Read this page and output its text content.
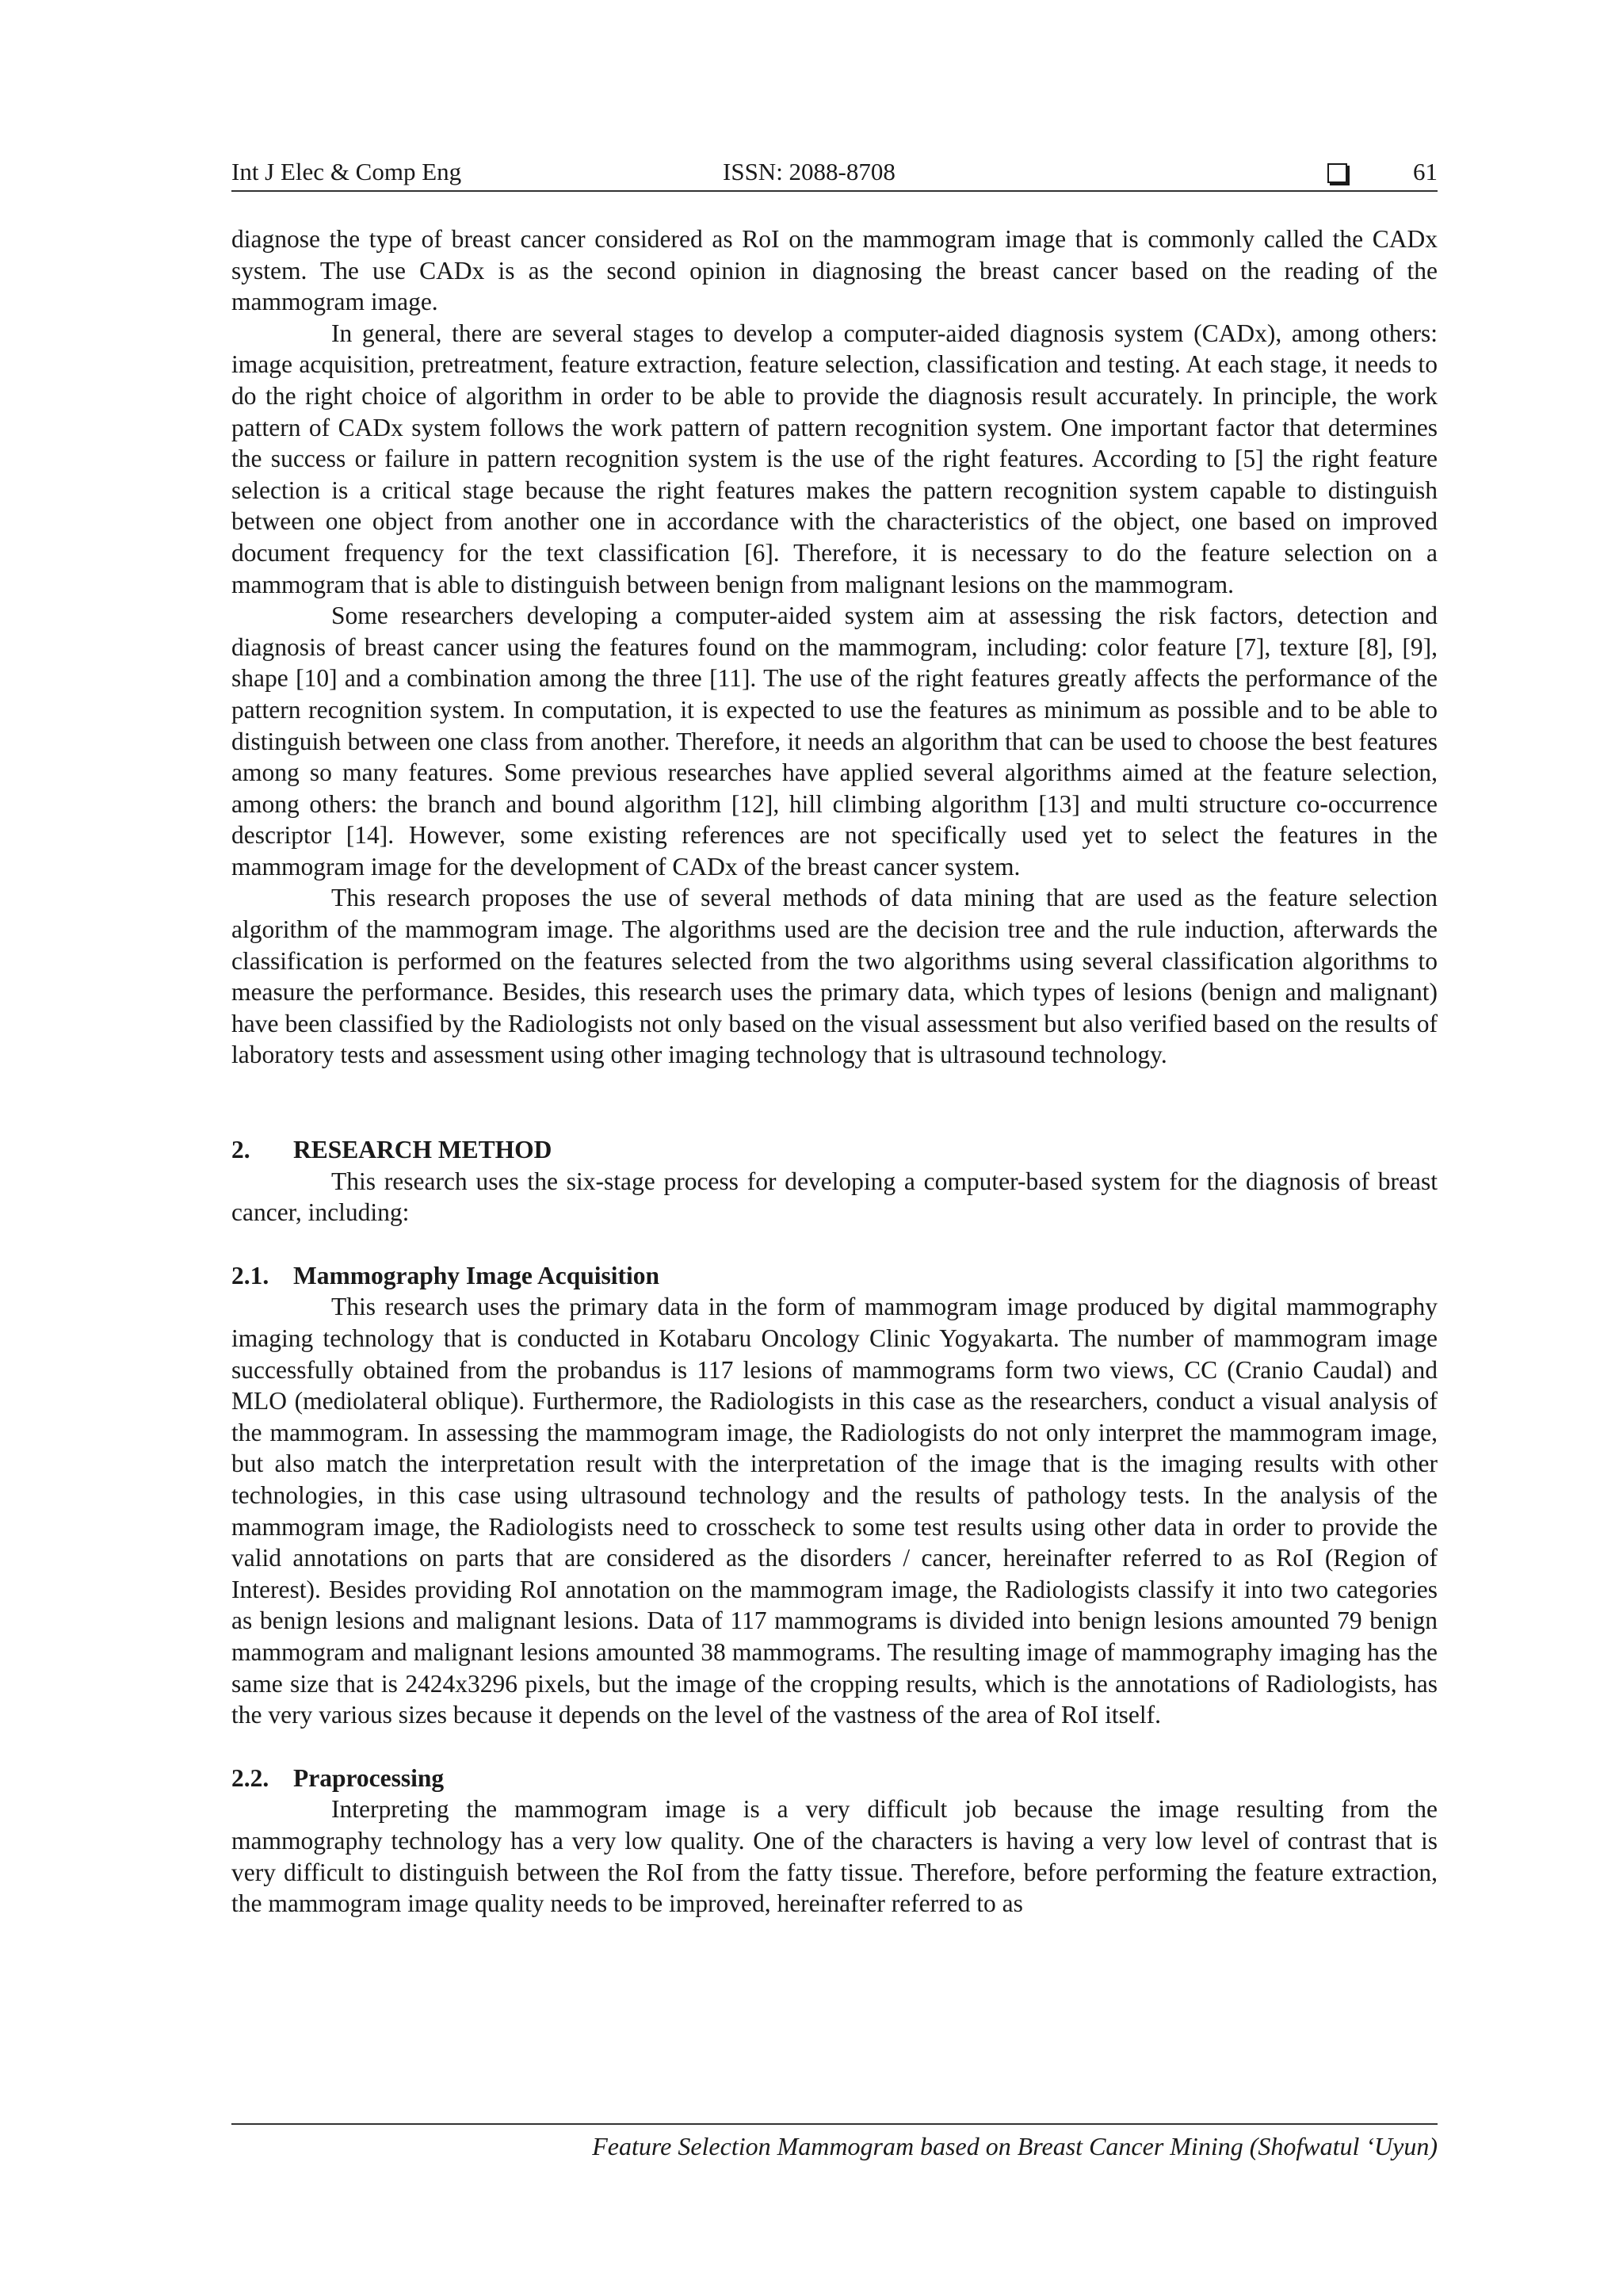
Int J Elec & Comp Eng	ISSN: 2088-8708	61

diagnose the type of breast cancer considered as RoI on the mammogram image that is commonly called the CADx system. The use CADx is as the second opinion in diagnosing the breast cancer based on the reading of the mammogram image.

In general, there are several stages to develop a computer-aided diagnosis system (CADx), among others: image acquisition, pretreatment, feature extraction, feature selection, classification and testing. At each stage, it needs to do the right choice of algorithm in order to be able to provide the diagnosis result accurately. In principle, the work pattern of CADx system follows the work pattern of pattern recognition system. One important factor that determines the success or failure in pattern recognition system is the use of the right features. According to [5] the right feature selection is a critical stage because the right features makes the pattern recognition system capable to distinguish between one object from another one in accordance with the characteristics of the object, one based on improved document frequency for the text classification [6]. Therefore, it is necessary to do the feature selection on a mammogram that is able to distinguish between benign from malignant lesions on the mammogram.

Some researchers developing a computer-aided system aim at assessing the risk factors, detection and diagnosis of breast cancer using the features found on the mammogram, including: color feature [7], texture [8], [9], shape [10] and a combination among the three [11]. The use of the right features greatly affects the performance of the pattern recognition system. In computation, it is expected to use the features as minimum as possible and to be able to distinguish between one class from another. Therefore, it needs an algorithm that can be used to choose the best features among so many features. Some previous researches have applied several algorithms aimed at the feature selection, among others: the branch and bound algorithm [12], hill climbing algorithm [13] and multi structure co-occurrence descriptor [14]. However, some existing references are not specifically used yet to select the features in the mammogram image for the development of CADx of the breast cancer system.

This research proposes the use of several methods of data mining that are used as the feature selection algorithm of the mammogram image. The algorithms used are the decision tree and the rule induction, afterwards the classification is performed on the features selected from the two algorithms using several classification algorithms to measure the performance. Besides, this research uses the primary data, which types of lesions (benign and malignant) have been classified by the Radiologists not only based on the visual assessment but also verified based on the results of laboratory tests and assessment using other imaging technology that is ultrasound technology.

2. RESEARCH METHOD

This research uses the six-stage process for developing a computer-based system for the diagnosis of breast cancer, including:

2.1. Mammography Image Acquisition

This research uses the primary data in the form of mammogram image produced by digital mammography imaging technology that is conducted in Kotabaru Oncology Clinic Yogyakarta. The number of mammogram image successfully obtained from the probandus is 117 lesions of mammograms form two views, CC (Cranio Caudal) and MLO (mediolateral oblique). Furthermore, the Radiologists in this case as the researchers, conduct a visual analysis of the mammogram. In assessing the mammogram image, the Radiologists do not only interpret the mammogram image, but also match the interpretation result with the interpretation of the image that is the imaging results with other technologies, in this case using ultrasound technology and the results of pathology tests. In the analysis of the mammogram image, the Radiologists need to crosscheck to some test results using other data in order to provide the valid annotations on parts that are considered as the disorders / cancer, hereinafter referred to as RoI (Region of Interest). Besides providing RoI annotation on the mammogram image, the Radiologists classify it into two categories as benign lesions and malignant lesions. Data of 117 mammograms is divided into benign lesions amounted 79 benign mammogram and malignant lesions amounted 38 mammograms. The resulting image of mammography imaging has the same size that is 2424x3296 pixels, but the image of the cropping results, which is the annotations of Radiologists, has the very various sizes because it depends on the level of the vastness of the area of RoI itself.

2.2. Praprocessing

Interpreting the mammogram image is a very difficult job because the image resulting from the mammography technology has a very low quality. One of the characters is having a very low level of contrast that is very difficult to distinguish between the RoI from the fatty tissue. Therefore, before performing the feature extraction, the mammogram image quality needs to be improved, hereinafter referred to as

Feature Selection Mammogram based on Breast Cancer Mining (Shofwatul ‘Uyun)
